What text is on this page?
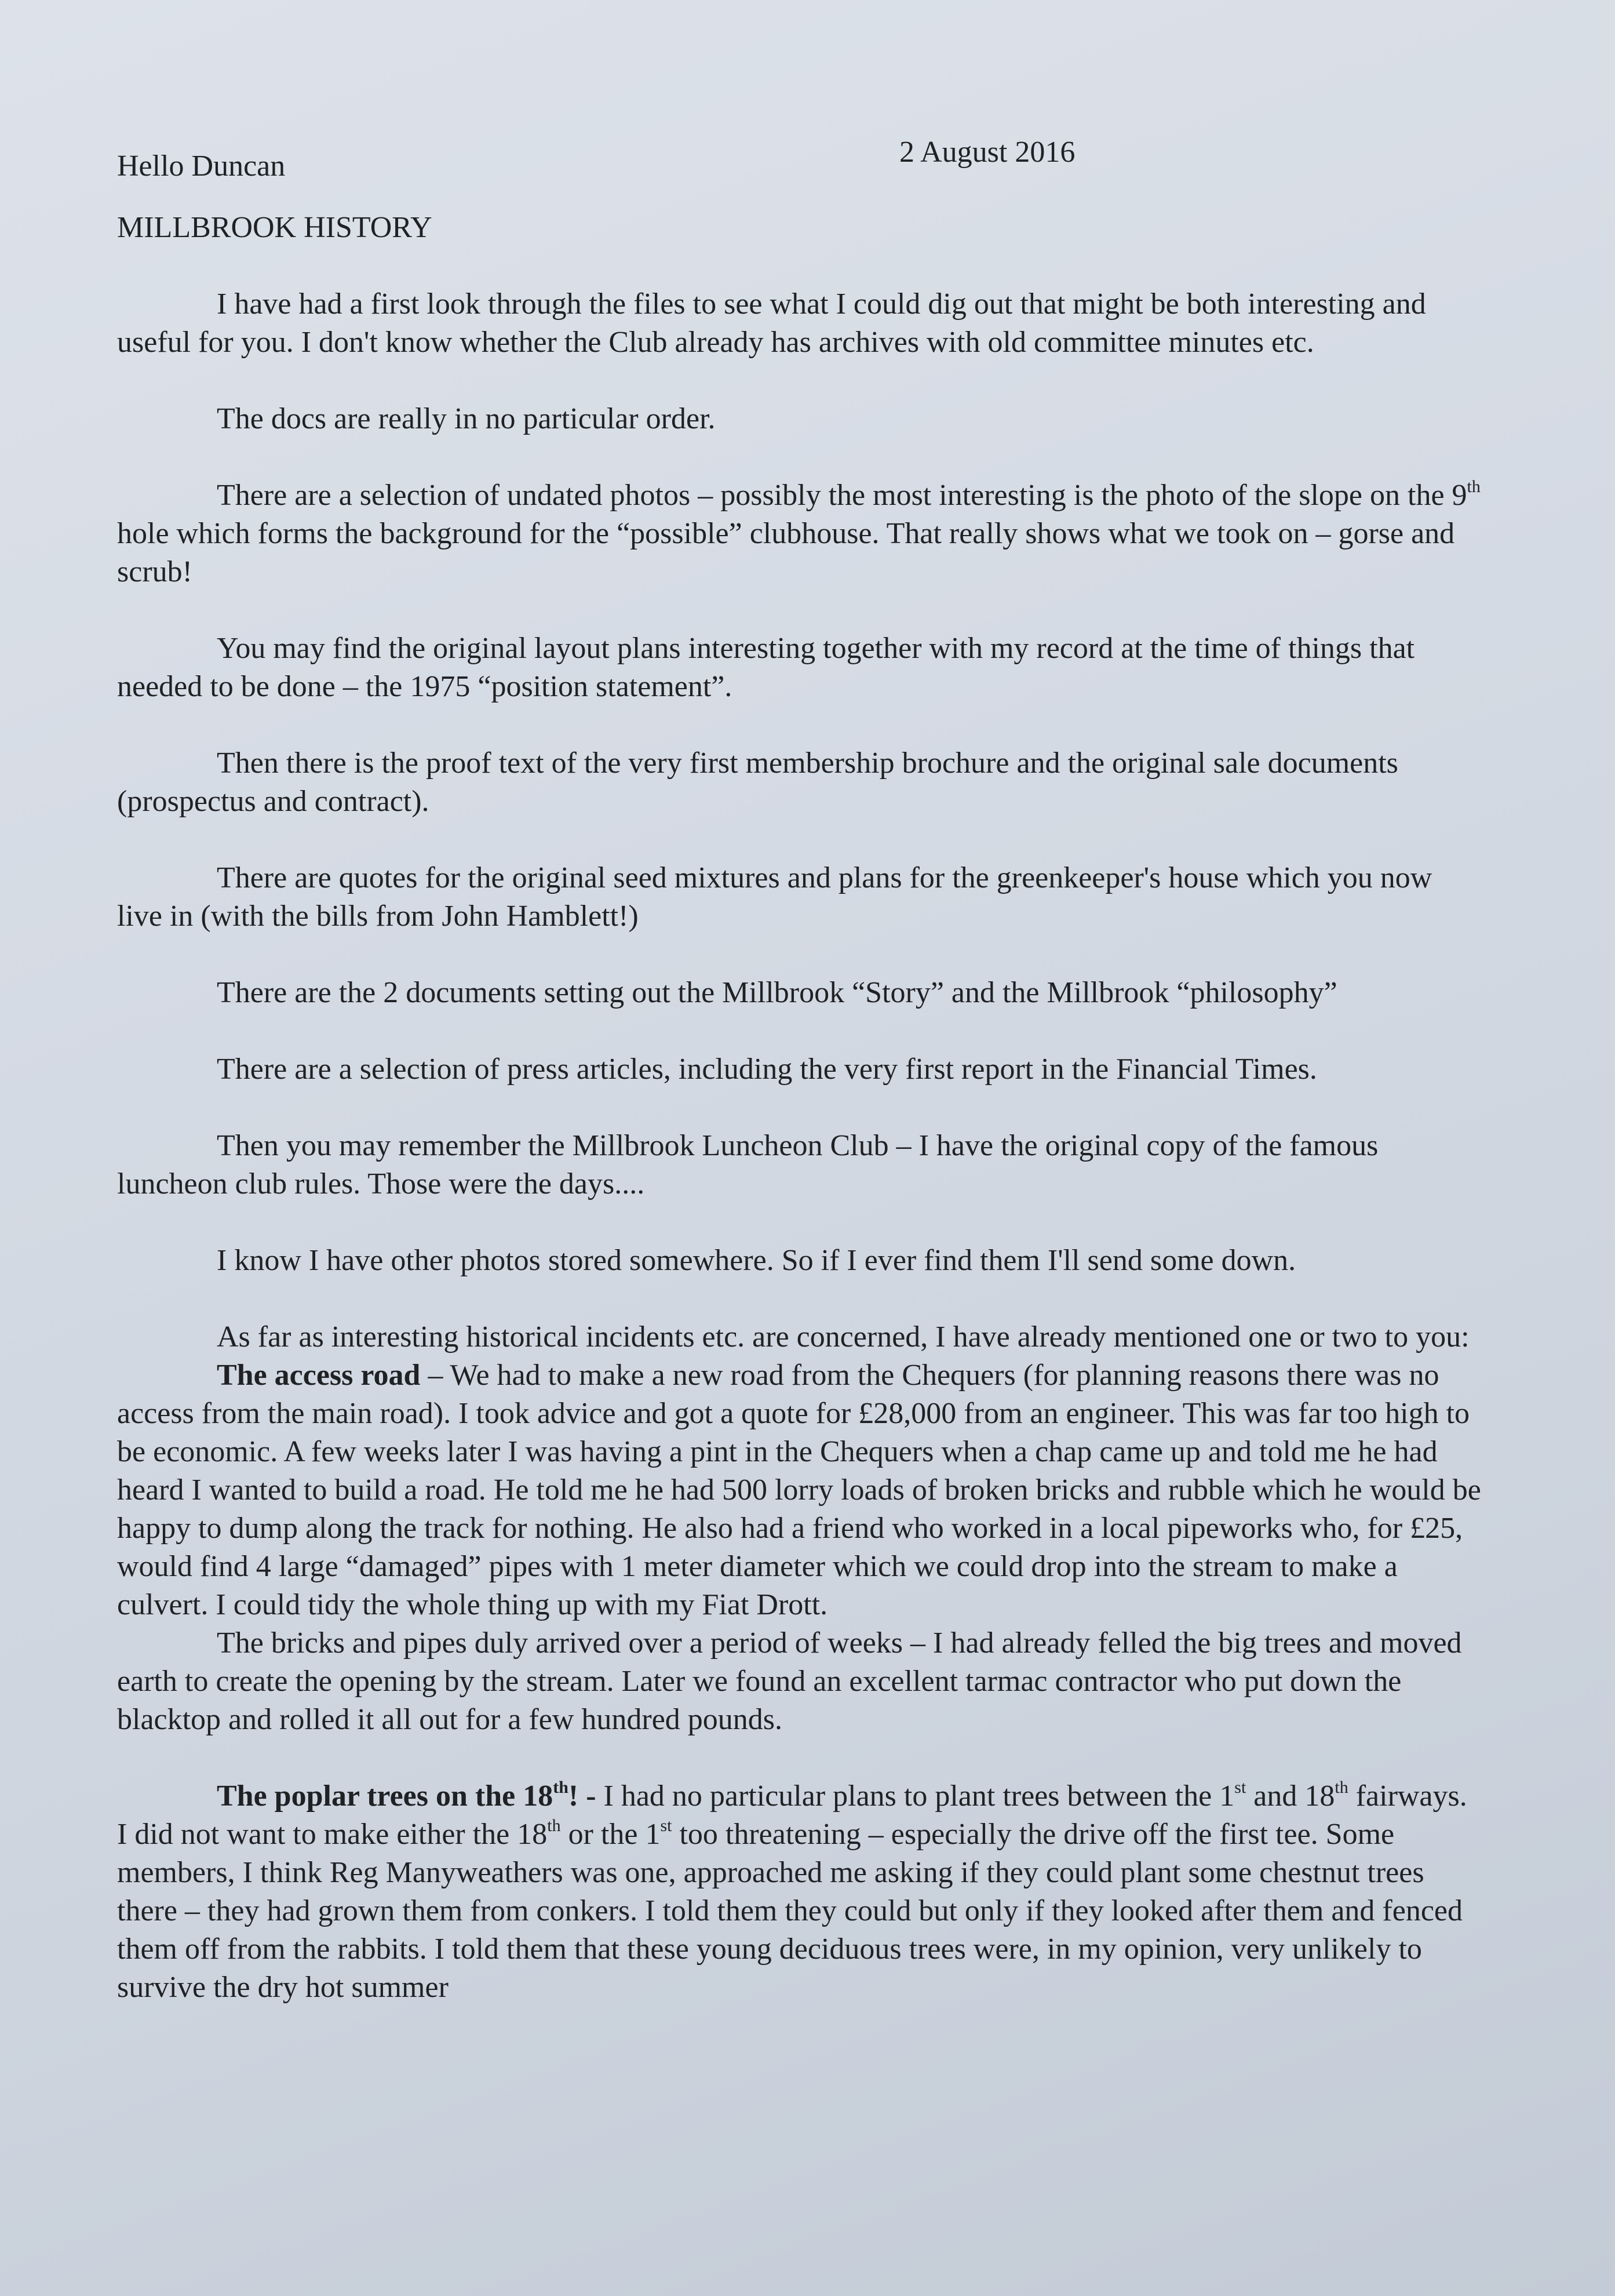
Hello Duncan	2 August 2016
MILLBROOK HISTORY

I have had a first look through the files to see what I could dig out that might be both interesting and useful for you. I don't know whether the Club already has archives with old committee minutes etc.

The docs are really in no particular order.

There are a selection of undated photos – possibly the most interesting is the photo of the slope on the 9th hole which forms the background for the “possible” clubhouse. That really shows what we took on – gorse and scrub!

You may find the original layout plans interesting together with my record at the time of things that needed to be done – the 1975 “position statement”.

Then there is the proof text of the very first membership brochure and the original sale documents (prospectus and contract).

There are quotes for the original seed mixtures and plans for the greenkeeper's house which you now live in (with the bills from John Hamblett!)

There are the 2 documents setting out the Millbrook “Story” and the Millbrook “philosophy”

There are a selection of press articles, including the very first report in the Financial Times.

Then you may remember the Millbrook Luncheon Club – I have the original copy of the famous luncheon club rules. Those were the days....

I know I have other photos stored somewhere. So if I ever find them I'll send some down.

As far as interesting historical incidents etc. are concerned, I have already mentioned one or two to you:

The access road – We had to make a new road from the Chequers (for planning reasons there was no access from the main road). I took advice and got a quote for £28,000 from an engineer. This was far too high to be economic. A few weeks later I was having a pint in the Chequers when a chap came up and told me he had heard I wanted to build a road. He told me he had 500 lorry loads of broken bricks and rubble which he would be happy to dump along the track for nothing. He also had a friend who worked in a local pipeworks who, for £25, would find 4 large “damaged” pipes with 1 meter diameter which we could drop into the stream to make a culvert. I could tidy the whole thing up with my Fiat Drott.

The bricks and pipes duly arrived over a period of weeks – I had already felled the big trees and moved earth to create the opening by the stream. Later we found an excellent tarmac contractor who put down the blacktop and rolled it all out for a few hundred pounds.

The poplar trees on the 18th! - I had no particular plans to plant trees between the 1st and 18th fairways. I did not want to make either the 18th or the 1st too threatening – especially the drive off the first tee. Some members, I think Reg Manyweathers was one, approached me asking if they could plant some chestnut trees there – they had grown them from conkers. I told them they could but only if they looked after them and fenced them off from the rabbits. I told them that these young deciduous trees were, in my opinion, very unlikely to survive the dry hot summer
